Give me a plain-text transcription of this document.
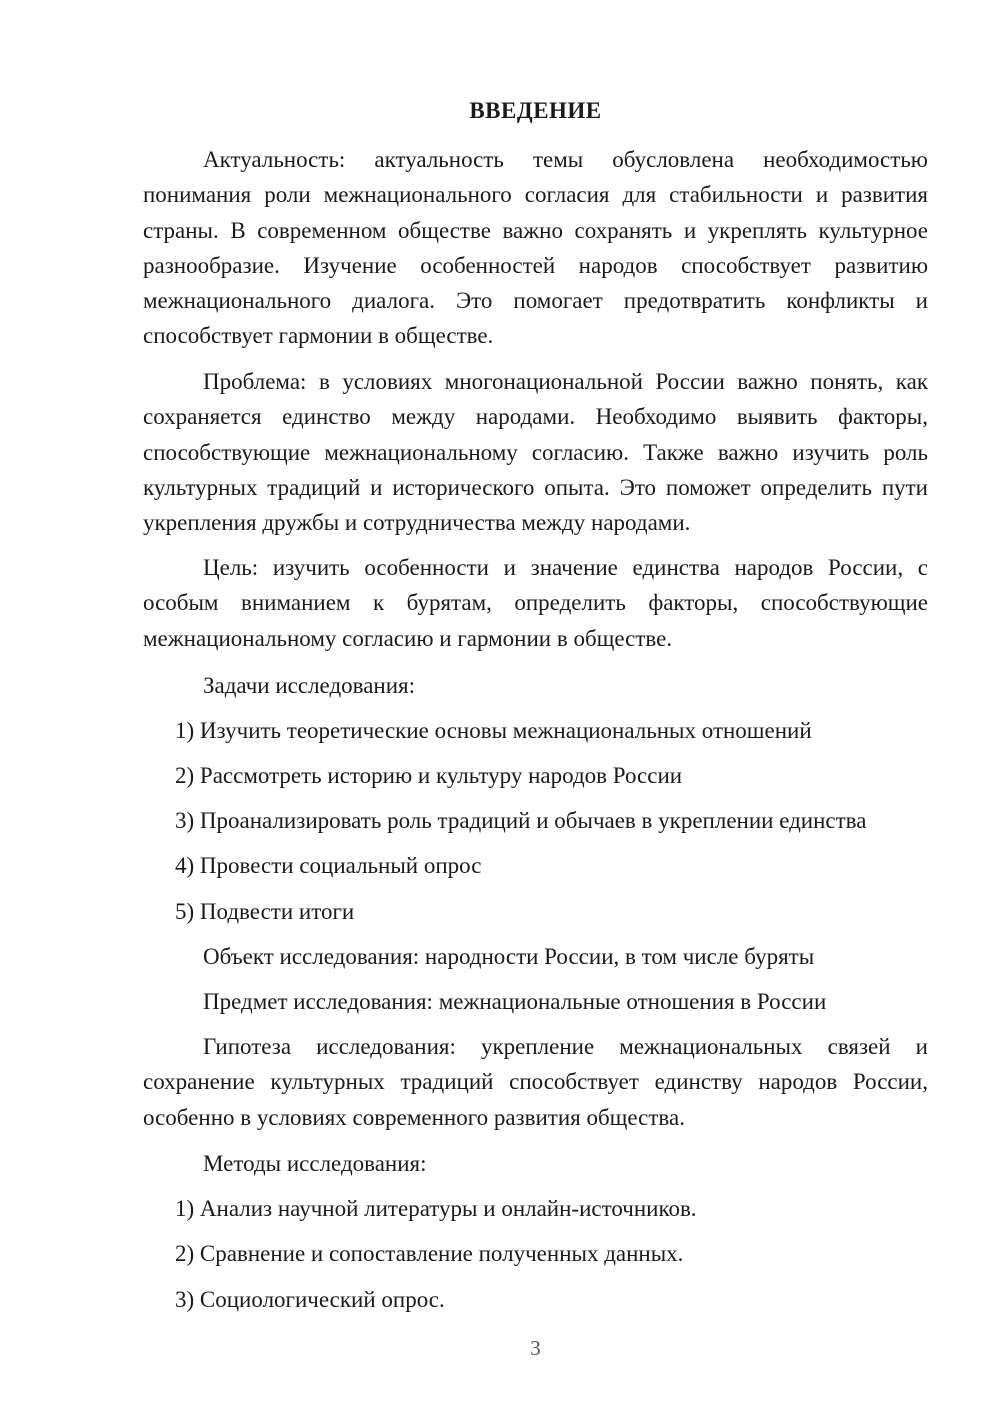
ВВЕДЕНИЕ

Актуальность: актуальность темы обусловлена необходимостью понимания роли межнационального согласия для стабильности и развития страны. В современном обществе важно сохранять и укреплять культурное разнообразие. Изучение особенностей народов способствует развитию межнационального диалога. Это помогает предотвратить конфликты и способствует гармонии в обществе.

Проблема: в условиях многонациональной России важно понять, как сохраняется единство между народами. Необходимо выявить факторы, способствующие межнациональному согласию. Также важно изучить роль культурных традиций и исторического опыта. Это поможет определить пути укрепления дружбы и сотрудничества между народами.

Цель: изучить особенности и значение единства народов России, с особым вниманием к бурятам, определить факторы, способствующие межнациональному согласию и гармонии в обществе.

Задачи исследования:
1) Изучить теоретические основы межнациональных отношений
2) Рассмотреть историю и культуру народов России
3) Проанализировать роль традиций и обычаев в укреплении единства
4) Провести социальный опрос
5) Подвести итоги
Объект исследования: народности России, в том числе буряты
Предмет исследования: межнациональные отношения в России

Гипотеза исследования: укрепление межнациональных связей и сохранение культурных традиций способствует единству народов России, особенно в условиях современного развития общества.

Методы исследования:
1) Анализ научной литературы и онлайн-источников.
2) Сравнение и сопоставление полученных данных.
3) Социологический опрос.
3
